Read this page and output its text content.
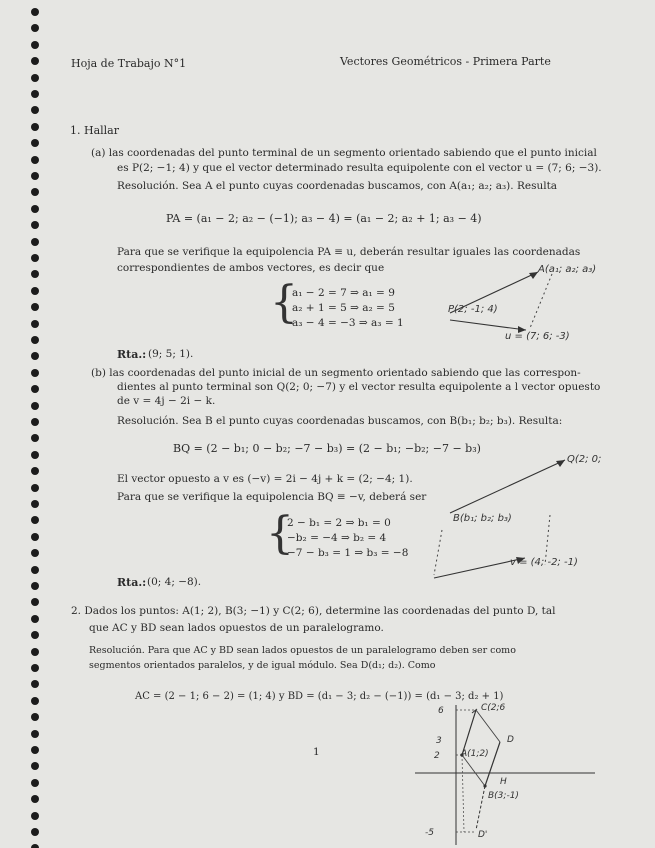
Hoja de Trabajo N°1	Vectores Geométricos - Primera Parte
1. Hallar
(a) las coordenadas del punto terminal de un segmento orientado sabiendo que el punto inicial
es P(2; −1; 4) y que el vector determinado resulta equipolente con el vector u = (7; 6; −3).
Resolución. Sea A el punto cuyas coordenadas buscamos, con A(a₁; a₂; a₃). Resulta
PA = (a₁ − 2; a₂ − (−1); a₃ − 4) = (a₁ − 2; a₂ + 1; a₃ − 4)
Para que se verifique la equipolencia PA ≡ u, deberán resultar iguales las coordenadas
correspondientes de ambos vectores, es decir que
{
a₁ − 2 = 7 ⇒ a₁ = 9
a₂ + 1 = 5 ⇒ a₂ = 5
a₃ − 4 = −3 ⇒ a₃ = 1
Rta.: (9; 5; 1).
A(a₁; a₂; a₃)
P(2; -1; 4)
u = (7; 6; -3)
(b) las coordenadas del punto inicial de un segmento orientado sabiendo que las correspon-
dientes al punto terminal son Q(2; 0; −7) y el vector resulta equipolente a l vector opuesto
de v = 4j − 2i − k.
Resolución. Sea B el punto cuyas coordenadas buscamos, con B(b₁; b₂; b₃). Resulta:
BQ = (2 − b₁; 0 − b₂; −7 − b₃) = (2 − b₁; −b₂; −7 − b₃)
El vector opuesto a v es (−v) = 2i − 4j + k = (2; −4; 1).
Para que se verifique la equipolencia BQ ≡ −v, deberá ser
{
2 − b₁ = 2 ⇒ b₁ = 0
−b₂ = −4 ⇒ b₂ = 4
−7 − b₃ = 1 ⇒ b₃ = −8
Rta.: (0; 4; −8).
Q(2; 0;
B(b₁; b₂; b₃)
v = (4; -2; -1)
2. Dados los puntos: A(1; 2), B(3; −1) y C(2; 6), determine las coordenadas del punto D, tal
que AC y BD sean lados opuestos de un paralelogramo.
Resolución. Para que AC y BD sean lados opuestos de un paralelogramo deben ser como
segmentos orientados paralelos, y de igual módulo. Sea D(d₁; d₂). Como
AC = (2 − 1; 6 − 2) = (1; 4) y BD = (d₁ − 3; d₂ − (−1)) = (d₁ − 3; d₂ + 1)
6	C(2;6
3
2 A(1;2)
D
H
B(3;-1)
-5	D'
1
